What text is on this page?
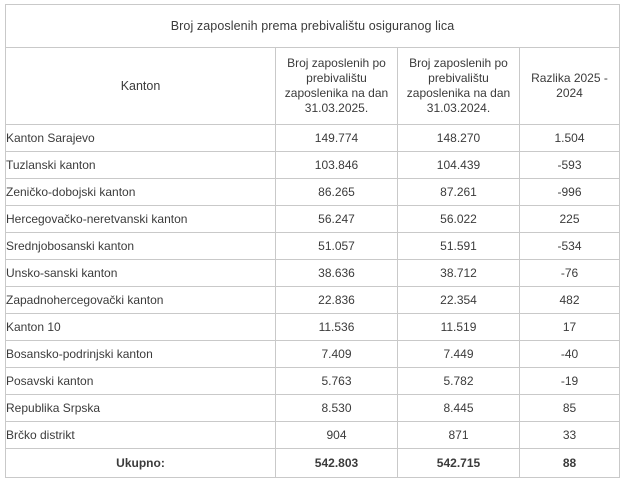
Broj zaposlenih prema prebivalištu osiguranog lica			
Kanton	Broj zaposlenih po prebivalištu zaposlenika na dan 31.03.2025.	Broj zaposlenih po prebivalištu zaposlenika na dan 31.03.2024.	Razlika 2025 - 2024
Kanton Sarajevo	149.774	148.270	1.504
Tuzlanski kanton	103.846	104.439	-593
Zeničko-dobojski kanton	86.265	87.261	-996
Hercegovačko-neretvanski kanton	56.247	56.022	225
Srednjobosanski kanton	51.057	51.591	-534
Unsko-sanski kanton	38.636	38.712	-76
Zapadnohercegovački kanton	22.836	22.354	482
Kanton 10	11.536	11.519	17
Bosansko-podrinjski kanton	7.409	7.449	-40
Posavski kanton	5.763	5.782	-19
Republika Srpska	8.530	8.445	85
Brčko distrikt	904	871	33
Ukupno:	542.803	542.715	88
